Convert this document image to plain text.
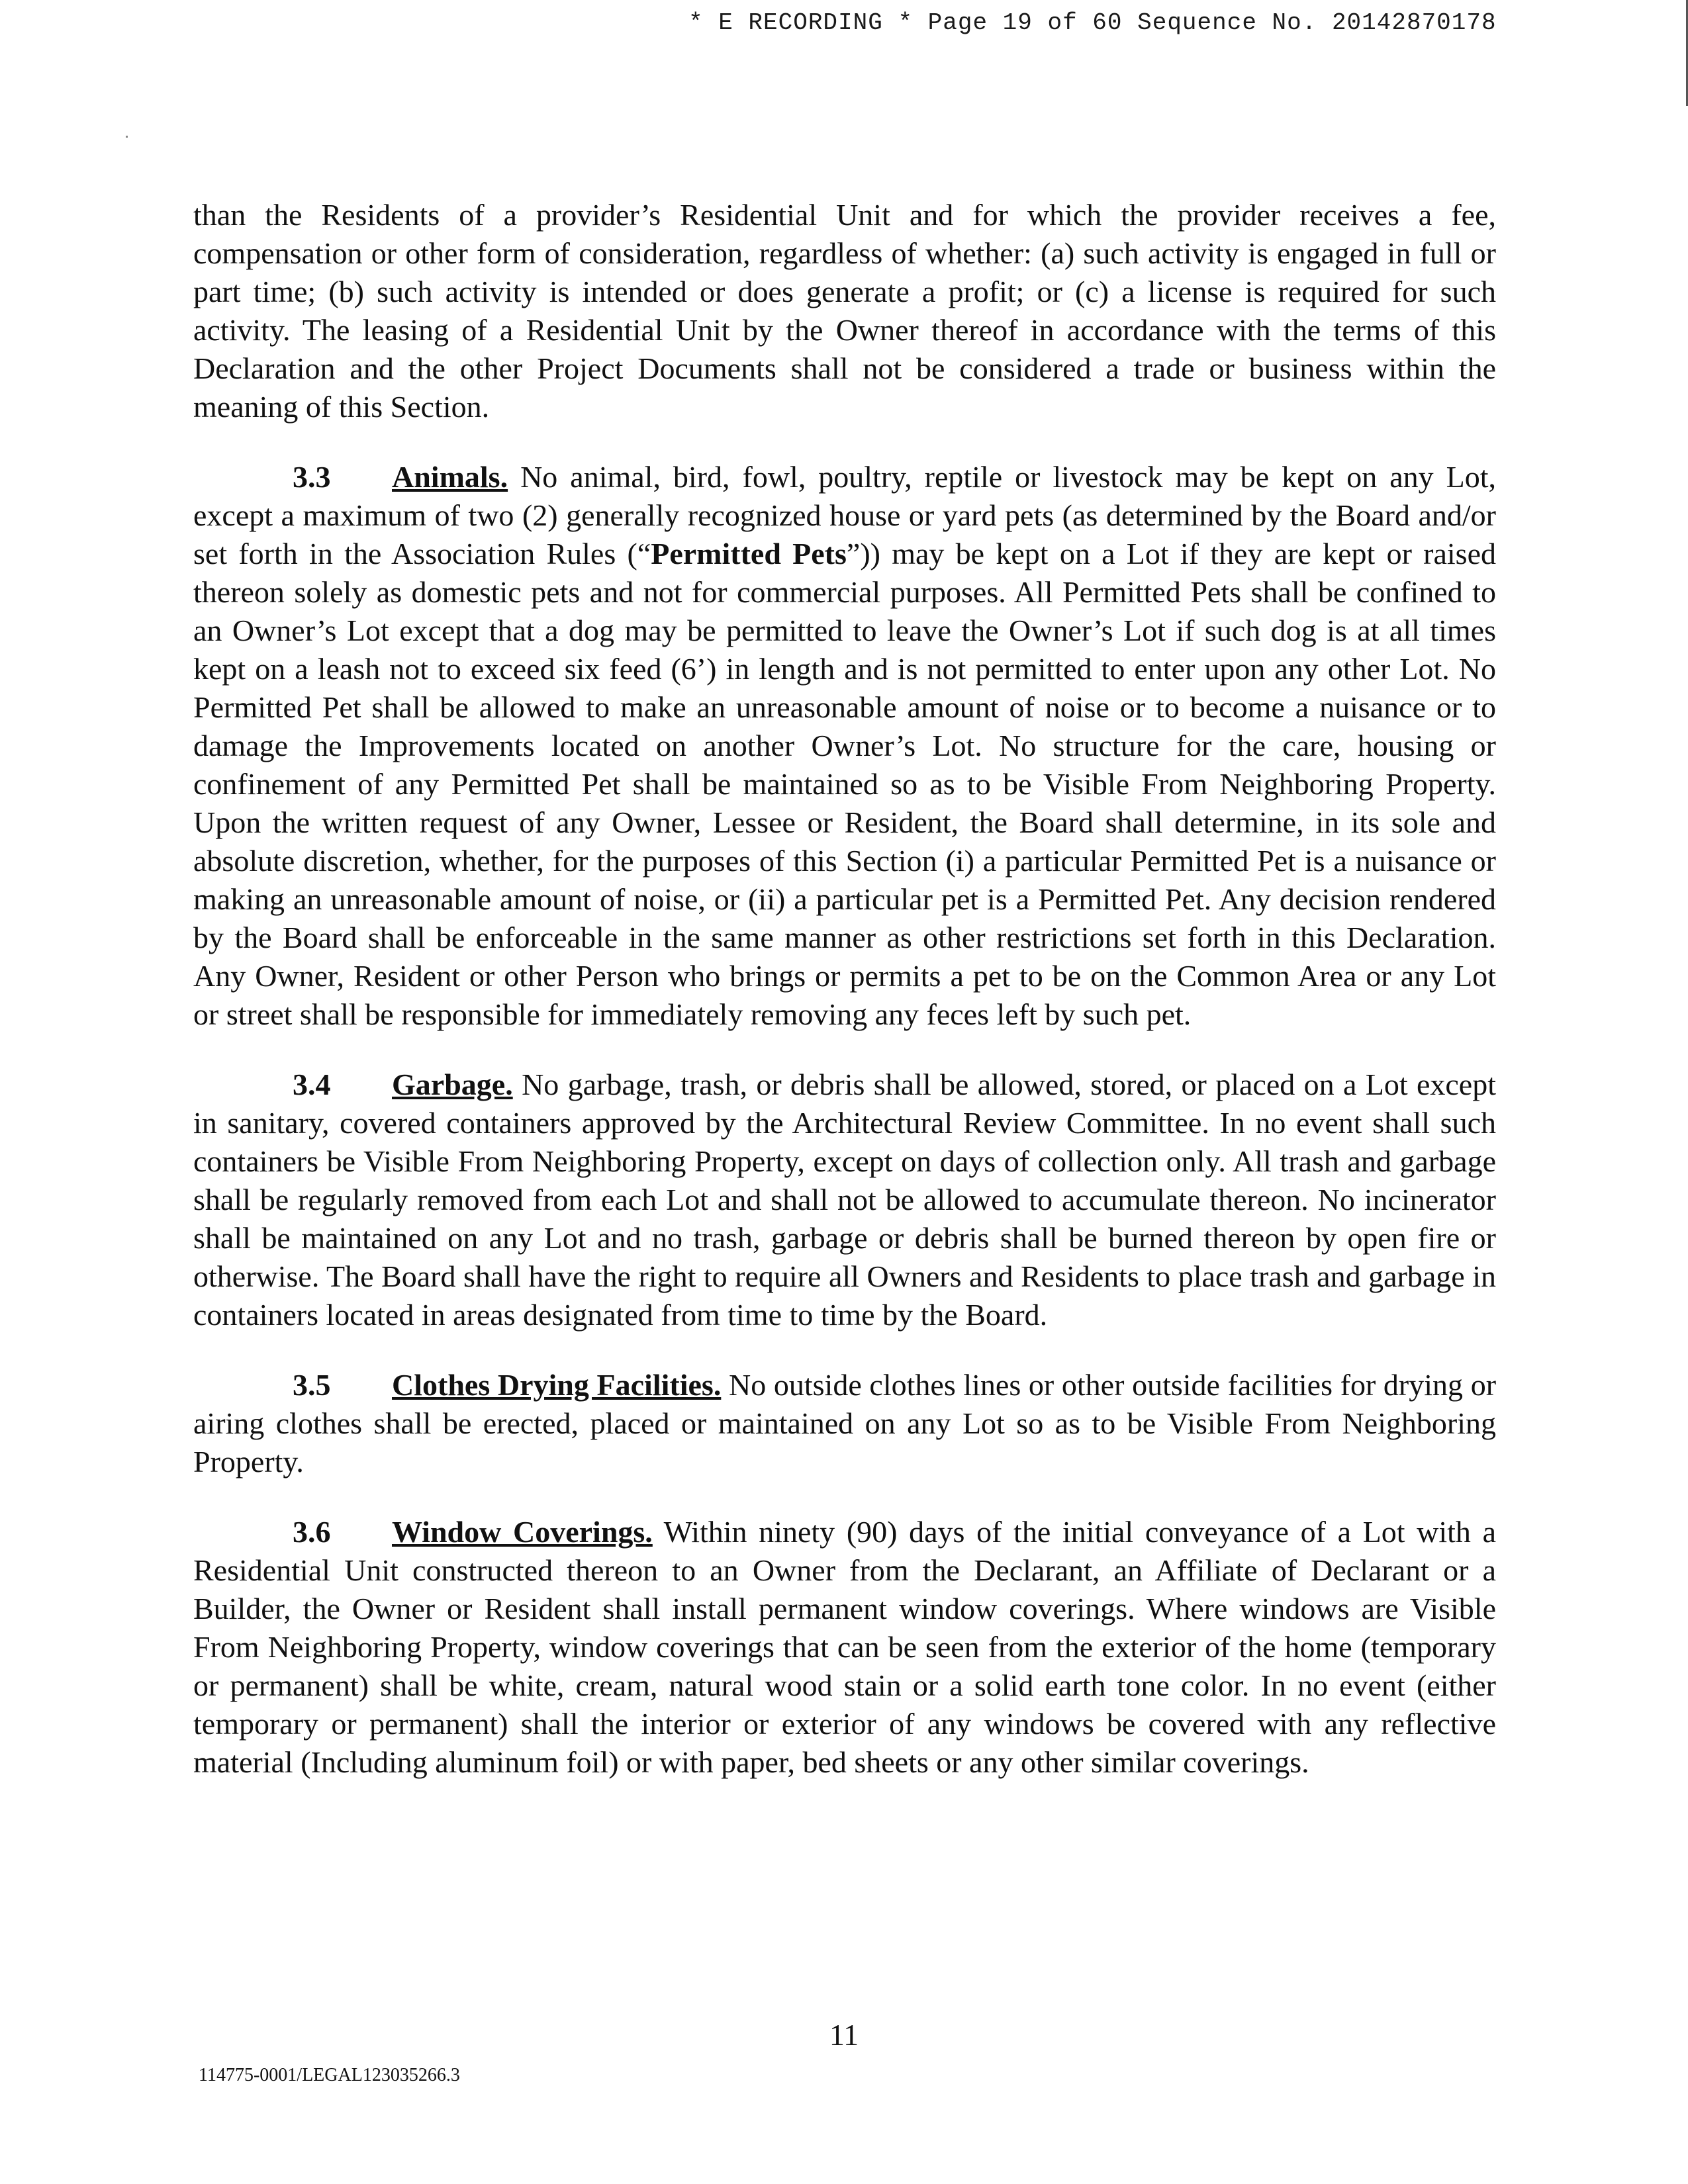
* E RECORDING * Page 19 of 60 Sequence No. 20142870178

than the Residents of a provider’s Residential Unit and for which the provider receives a fee, compensation or other form of consideration, regardless of whether: (a) such activity is engaged in full or part time; (b) such activity is intended or does generate a profit; or (c) a license is required for such activity. The leasing of a Residential Unit by the Owner thereof in accordance with the terms of this Declaration and the other Project Documents shall not be considered a trade or business within the meaning of this Section.

3.3 Animals. No animal, bird, fowl, poultry, reptile or livestock may be kept on any Lot, except a maximum of two (2) generally recognized house or yard pets (as determined by the Board and/or set forth in the Association Rules (“Permitted Pets”)) may be kept on a Lot if they are kept or raised thereon solely as domestic pets and not for commercial purposes. All Permitted Pets shall be confined to an Owner’s Lot except that a dog may be permitted to leave the Owner’s Lot if such dog is at all times kept on a leash not to exceed six feed (6’) in length and is not permitted to enter upon any other Lot. No Permitted Pet shall be allowed to make an unreasonable amount of noise or to become a nuisance or to damage the Improvements located on another Owner’s Lot. No structure for the care, housing or confinement of any Permitted Pet shall be maintained so as to be Visible From Neighboring Property. Upon the written request of any Owner, Lessee or Resident, the Board shall determine, in its sole and absolute discretion, whether, for the purposes of this Section (i) a particular Permitted Pet is a nuisance or making an unreasonable amount of noise, or (ii) a particular pet is a Permitted Pet. Any decision rendered by the Board shall be enforceable in the same manner as other restrictions set forth in this Declaration. Any Owner, Resident or other Person who brings or permits a pet to be on the Common Area or any Lot or street shall be responsible for immediately removing any feces left by such pet.

3.4 Garbage. No garbage, trash, or debris shall be allowed, stored, or placed on a Lot except in sanitary, covered containers approved by the Architectural Review Committee. In no event shall such containers be Visible From Neighboring Property, except on days of collection only. All trash and garbage shall be regularly removed from each Lot and shall not be allowed to accumulate thereon. No incinerator shall be maintained on any Lot and no trash, garbage or debris shall be burned thereon by open fire or otherwise. The Board shall have the right to require all Owners and Residents to place trash and garbage in containers located in areas designated from time to time by the Board.

3.5 Clothes Drying Facilities. No outside clothes lines or other outside facilities for drying or airing clothes shall be erected, placed or maintained on any Lot so as to be Visible From Neighboring Property.

3.6 Window Coverings. Within ninety (90) days of the initial conveyance of a Lot with a Residential Unit constructed thereon to an Owner from the Declarant, an Affiliate of Declarant or a Builder, the Owner or Resident shall install permanent window coverings. Where windows are Visible From Neighboring Property, window coverings that can be seen from the exterior of the home (temporary or permanent) shall be white, cream, natural wood stain or a solid earth tone color. In no event (either temporary or permanent) shall the interior or exterior of any windows be covered with any reflective material (Including aluminum foil) or with paper, bed sheets or any other similar coverings.

11
114775-0001/LEGAL123035266.3
